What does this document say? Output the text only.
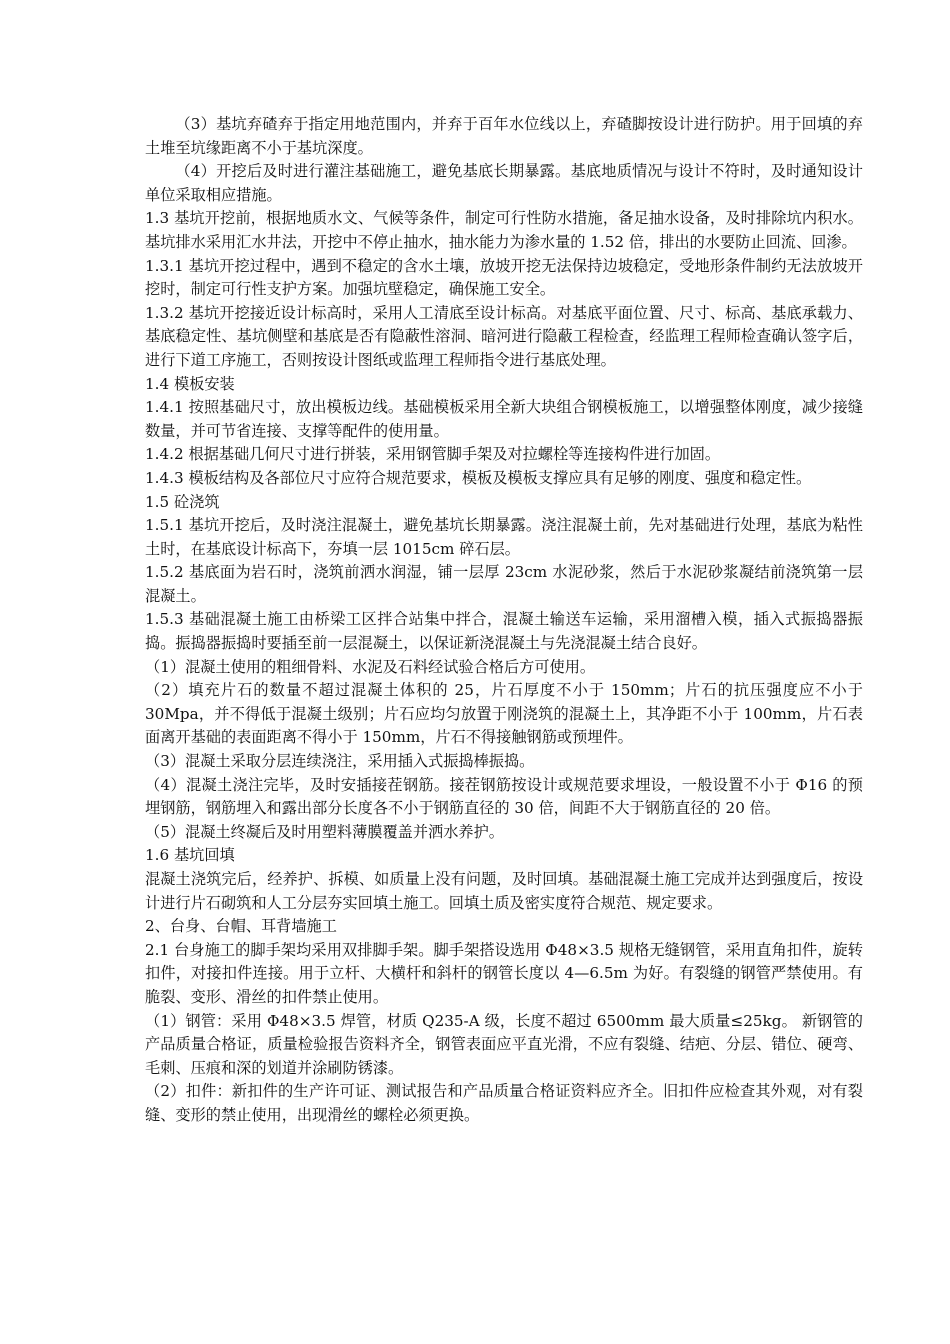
（3）基坑弃碴弃于指定用地范围内，并弃于百年水位线以上，弃碴脚按设计进行防护。用于回填的弃土堆至坑缘距离不小于基坑深度。

（4）开挖后及时进行灌注基础施工，避免基底长期暴露。基底地质情况与设计不符时，及时通知设计单位采取相应措施。

1.3 基坑开挖前，根据地质水文、气候等条件，制定可行性防水措施，备足抽水设备，及时排除坑内积水。基坑排水采用汇水井法，开挖中不停止抽水，抽水能力为渗水量的 1.52 倍，排出的水要防止回流、回渗。

1.3.1 基坑开挖过程中，遇到不稳定的含水土壤，放坡开挖无法保持边坡稳定，受地形条件制约无法放坡开挖时，制定可行性支护方案。加强坑壁稳定，确保施工安全。

1.3.2 基坑开挖接近设计标高时，采用人工清底至设计标高。对基底平面位置、尺寸、标高、基底承载力、基底稳定性、基坑侧壁和基底是否有隐蔽性溶洞、暗河进行隐蔽工程检查，经监理工程师检查确认签字后，进行下道工序施工，否则按设计图纸或监理工程师指令进行基底处理。

1.4 模板安装

1.4.1 按照基础尺寸，放出模板边线。基础模板采用全新大块组合钢模板施工，以增强整体刚度，减少接缝数量，并可节省连接、支撑等配件的使用量。

1.4.2 根据基础几何尺寸进行拼装，采用钢管脚手架及对拉螺栓等连接构件进行加固。

1.4.3 模板结构及各部位尺寸应符合规范要求，模板及模板支撑应具有足够的刚度、强度和稳定性。

1.5 砼浇筑

1.5.1 基坑开挖后，及时浇注混凝土，避免基坑长期暴露。浇注混凝土前，先对基础进行处理，基底为粘性土时，在基底设计标高下，夯填一层 1015cm 碎石层。

1.5.2 基底面为岩石时，浇筑前洒水润湿，铺一层厚 23cm 水泥砂浆，然后于水泥砂浆凝结前浇筑第一层混凝土。

1.5.3 基础混凝土施工由桥梁工区拌合站集中拌合，混凝土输送车运输，采用溜槽入模，插入式振捣器振捣。振捣器振捣时要插至前一层混凝土，以保证新浇混凝土与先浇混凝土结合良好。

（1）混凝土使用的粗细骨料、水泥及石料经试验合格后方可使用。

（2）填充片石的数量不超过混凝土体积的 25，片石厚度不小于 150mm；片石的抗压强度应不小于 30Mpa，并不得低于混凝土级别；片石应均匀放置于刚浇筑的混凝土上，其净距不小于 100mm，片石表面离开基础的表面距离不得小于 150mm，片石不得接触钢筋或预埋件。

（3）混凝土采取分层连续浇注，采用插入式振捣棒振捣。

（4）混凝土浇注完毕，及时安插接茬钢筋。接茬钢筋按设计或规范要求埋设，一般设置不小于 Φ16 的预埋钢筋，钢筋埋入和露出部分长度各不小于钢筋直径的 30 倍，间距不大于钢筋直径的 20 倍。

（5）混凝土终凝后及时用塑料薄膜覆盖并洒水养护。

1.6 基坑回填

混凝土浇筑完后，经养护、拆模、如质量上没有问题，及时回填。基础混凝土施工完成并达到强度后，按设计进行片石砌筑和人工分层夯实回填土施工。回填土质及密实度符合规范、规定要求。

2、台身、台帽、耳背墙施工

2.1 台身施工的脚手架均采用双排脚手架。脚手架搭设选用 Φ48×3.5 规格无缝钢管，采用直角扣件，旋转扣件，对接扣件连接。用于立杆、大横杆和斜杆的钢管长度以 4—6.5m 为好。有裂缝的钢管严禁使用。有脆裂、变形、滑丝的扣件禁止使用。

（1）钢管：采用 Φ48×3.5 焊管，材质 Q235-A 级，长度不超过 6500mm 最大质量≤25kg。 新钢管的产品质量合格证，质量检验报告资料齐全，钢管表面应平直光滑，不应有裂缝、结疤、分层、错位、硬弯、毛刺、压痕和深的划道并涂刷防锈漆。

（2）扣件：新扣件的生产许可证、测试报告和产品质量合格证资料应齐全。旧扣件应检查其外观，对有裂缝、变形的禁止使用，出现滑丝的螺栓必须更换。
